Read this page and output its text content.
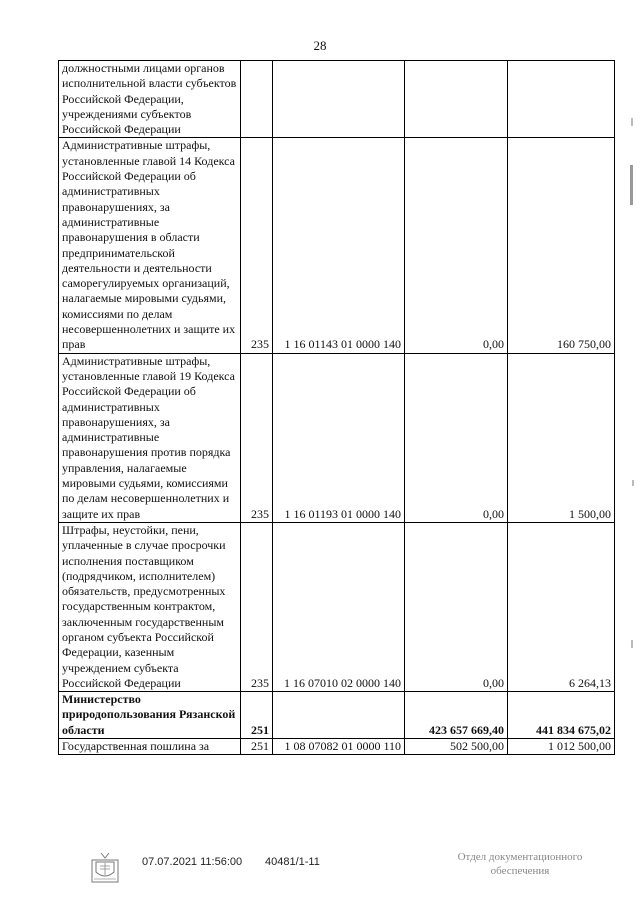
28
должностными лицами органов исполнительной власти субъектов Российской Федерации, учреждениями субъектов Российской Федерации				
Административные штрафы, установленные главой 14 Кодекса Российской Федерации об административных правонарушениях, за административные правонарушения в области предпринимательской деятельности и деятельности саморегулируемых организаций, налагаемые мировыми судьями, комиссиями по делам несовершеннолетних и защите их прав	235	1 16 01143 01 0000 140	0,00	160 750,00
Административные штрафы, установленные главой 19 Кодекса Российской Федерации об административных правонарушениях, за административные правонарушения против порядка управления, налагаемые мировыми судьями, комиссиями по делам несовершеннолетних и защите их прав	235	1 16 01193 01 0000 140	0,00	1 500,00
Штрафы, неустойки, пени, уплаченные в случае просрочки исполнения поставщиком (подрядчиком, исполнителем) обязательств, предусмотренных государственным контрактом, заключенным государственным органом субъекта Российской Федерации, казенным учреждением субъекта Российской Федерации	235	1 16 07010 02 0000 140	0,00	6 264,13
Министерство природопользования Рязанской области	251		423 657 669,40	441 834 675,02
Государственная пошлина за	251	1 08 07082 01 0000 110	502 500,00	1 012 500,00
07.07.2021 11:56:00 40481/1-11	Отдел документационного
обеспечения
